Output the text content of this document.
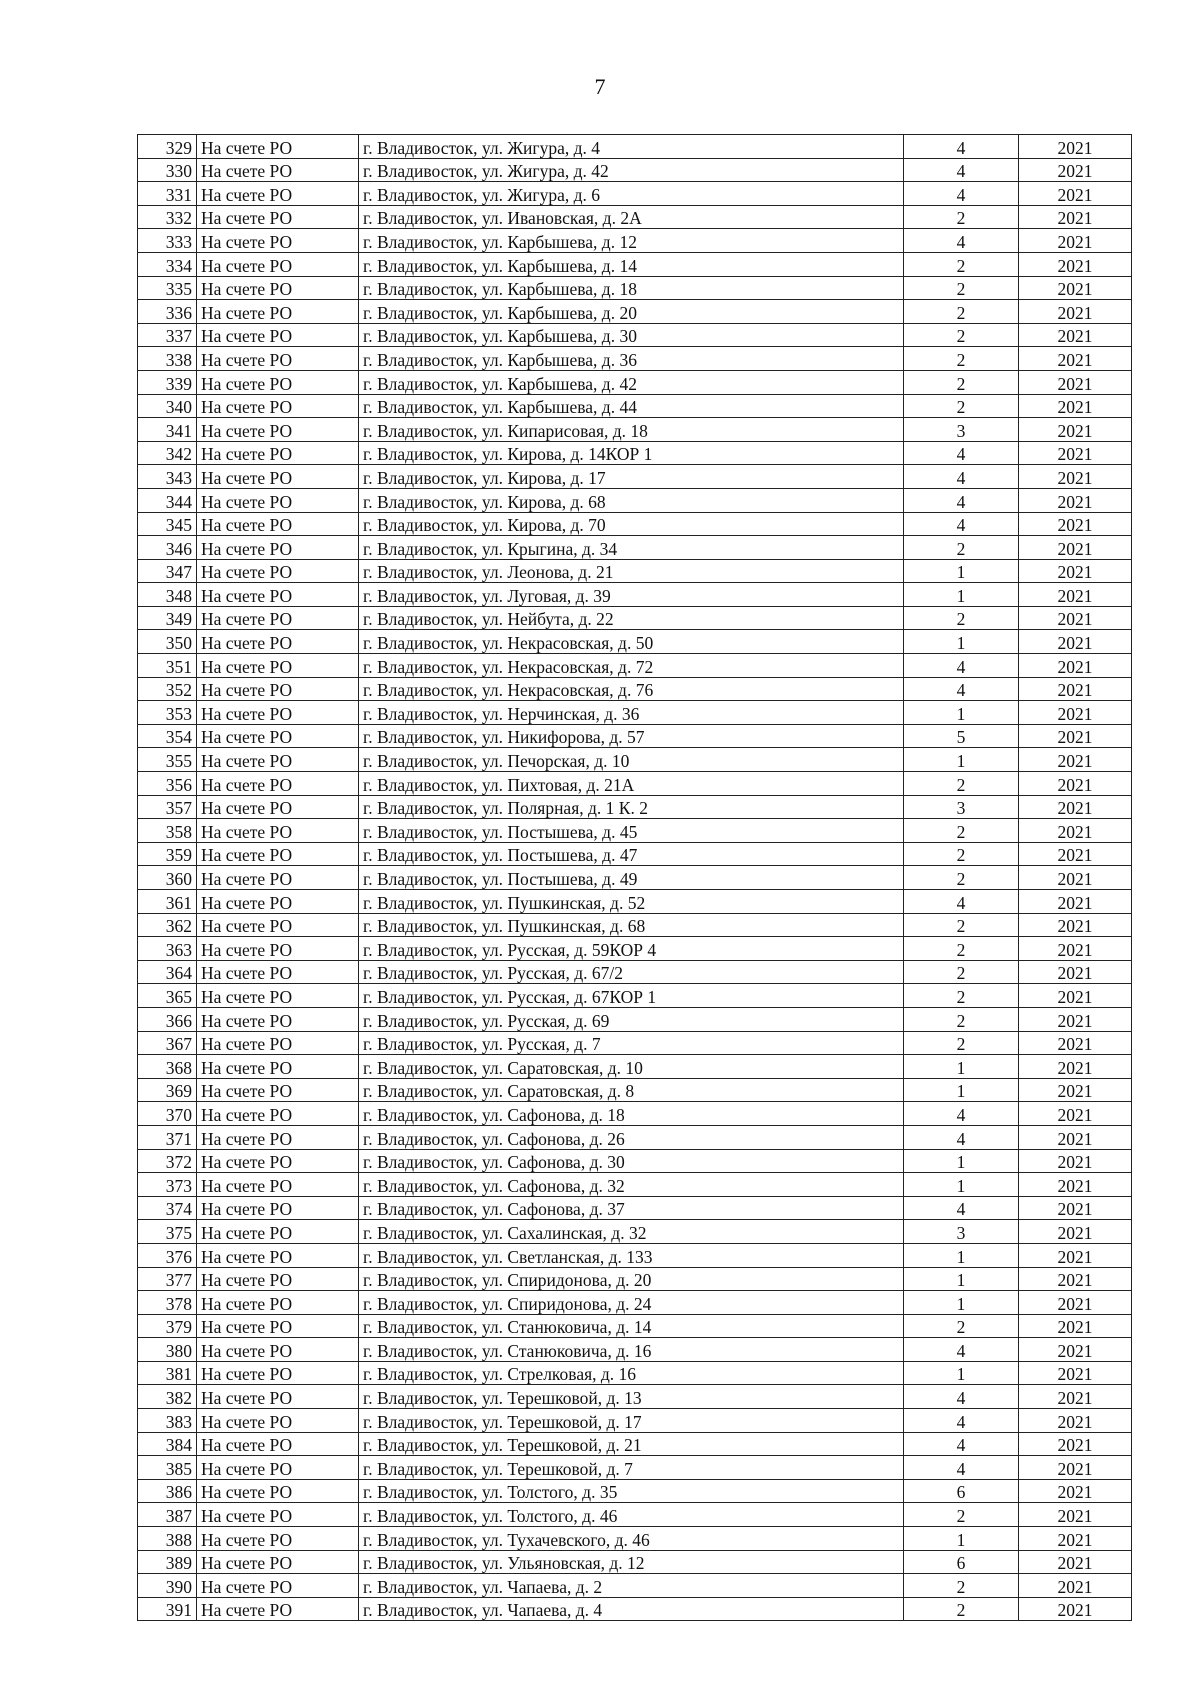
7
329	На счете РО	г. Владивосток, ул. Жигура, д. 4	4	2021
330	На счете РО	г. Владивосток, ул. Жигура, д. 42	4	2021
331	На счете РО	г. Владивосток, ул. Жигура, д. 6	4	2021
332	На счете РО	г. Владивосток, ул. Ивановская, д. 2А	2	2021
333	На счете РО	г. Владивосток, ул. Карбышева, д. 12	4	2021
334	На счете РО	г. Владивосток, ул. Карбышева, д. 14	2	2021
335	На счете РО	г. Владивосток, ул. Карбышева, д. 18	2	2021
336	На счете РО	г. Владивосток, ул. Карбышева, д. 20	2	2021
337	На счете РО	г. Владивосток, ул. Карбышева, д. 30	2	2021
338	На счете РО	г. Владивосток, ул. Карбышева, д. 36	2	2021
339	На счете РО	г. Владивосток, ул. Карбышева, д. 42	2	2021
340	На счете РО	г. Владивосток, ул. Карбышева, д. 44	2	2021
341	На счете РО	г. Владивосток, ул. Кипарисовая, д. 18	3	2021
342	На счете РО	г. Владивосток, ул. Кирова, д. 14КОР 1	4	2021
343	На счете РО	г. Владивосток, ул. Кирова, д. 17	4	2021
344	На счете РО	г. Владивосток, ул. Кирова, д. 68	4	2021
345	На счете РО	г. Владивосток, ул. Кирова, д. 70	4	2021
346	На счете РО	г. Владивосток, ул. Крыгина, д. 34	2	2021
347	На счете РО	г. Владивосток, ул. Леонова, д. 21	1	2021
348	На счете РО	г. Владивосток, ул. Луговая, д. 39	1	2021
349	На счете РО	г. Владивосток, ул. Нейбута, д. 22	2	2021
350	На счете РО	г. Владивосток, ул. Некрасовская, д. 50	1	2021
351	На счете РО	г. Владивосток, ул. Некрасовская, д. 72	4	2021
352	На счете РО	г. Владивосток, ул. Некрасовская, д. 76	4	2021
353	На счете РО	г. Владивосток, ул. Нерчинская, д. 36	1	2021
354	На счете РО	г. Владивосток, ул. Никифорова, д. 57	5	2021
355	На счете РО	г. Владивосток, ул. Печорская, д. 10	1	2021
356	На счете РО	г. Владивосток, ул. Пихтовая, д. 21А	2	2021
357	На счете РО	г. Владивосток, ул. Полярная, д. 1 К. 2	3	2021
358	На счете РО	г. Владивосток, ул. Постышева, д. 45	2	2021
359	На счете РО	г. Владивосток, ул. Постышева, д. 47	2	2021
360	На счете РО	г. Владивосток, ул. Постышева, д. 49	2	2021
361	На счете РО	г. Владивосток, ул. Пушкинская, д. 52	4	2021
362	На счете РО	г. Владивосток, ул. Пушкинская, д. 68	2	2021
363	На счете РО	г. Владивосток, ул. Русская, д. 59КОР 4	2	2021
364	На счете РО	г. Владивосток, ул. Русская, д. 67/2	2	2021
365	На счете РО	г. Владивосток, ул. Русская, д. 67КОР 1	2	2021
366	На счете РО	г. Владивосток, ул. Русская, д. 69	2	2021
367	На счете РО	г. Владивосток, ул. Русская, д. 7	2	2021
368	На счете РО	г. Владивосток, ул. Саратовская, д. 10	1	2021
369	На счете РО	г. Владивосток, ул. Саратовская, д. 8	1	2021
370	На счете РО	г. Владивосток, ул. Сафонова, д. 18	4	2021
371	На счете РО	г. Владивосток, ул. Сафонова, д. 26	4	2021
372	На счете РО	г. Владивосток, ул. Сафонова, д. 30	1	2021
373	На счете РО	г. Владивосток, ул. Сафонова, д. 32	1	2021
374	На счете РО	г. Владивосток, ул. Сафонова, д. 37	4	2021
375	На счете РО	г. Владивосток, ул. Сахалинская, д. 32	3	2021
376	На счете РО	г. Владивосток, ул. Светланская, д. 133	1	2021
377	На счете РО	г. Владивосток, ул. Спиридонова, д. 20	1	2021
378	На счете РО	г. Владивосток, ул. Спиридонова, д. 24	1	2021
379	На счете РО	г. Владивосток, ул. Станюковича, д. 14	2	2021
380	На счете РО	г. Владивосток, ул. Станюковича, д. 16	4	2021
381	На счете РО	г. Владивосток, ул. Стрелковая, д. 16	1	2021
382	На счете РО	г. Владивосток, ул. Терешковой, д. 13	4	2021
383	На счете РО	г. Владивосток, ул. Терешковой, д. 17	4	2021
384	На счете РО	г. Владивосток, ул. Терешковой, д. 21	4	2021
385	На счете РО	г. Владивосток, ул. Терешковой, д. 7	4	2021
386	На счете РО	г. Владивосток, ул. Толстого, д. 35	6	2021
387	На счете РО	г. Владивосток, ул. Толстого, д. 46	2	2021
388	На счете РО	г. Владивосток, ул. Тухачевского, д. 46	1	2021
389	На счете РО	г. Владивосток, ул. Ульяновская, д. 12	6	2021
390	На счете РО	г. Владивосток, ул. Чапаева, д. 2	2	2021
391	На счете РО	г. Владивосток, ул. Чапаева, д. 4	2	2021
